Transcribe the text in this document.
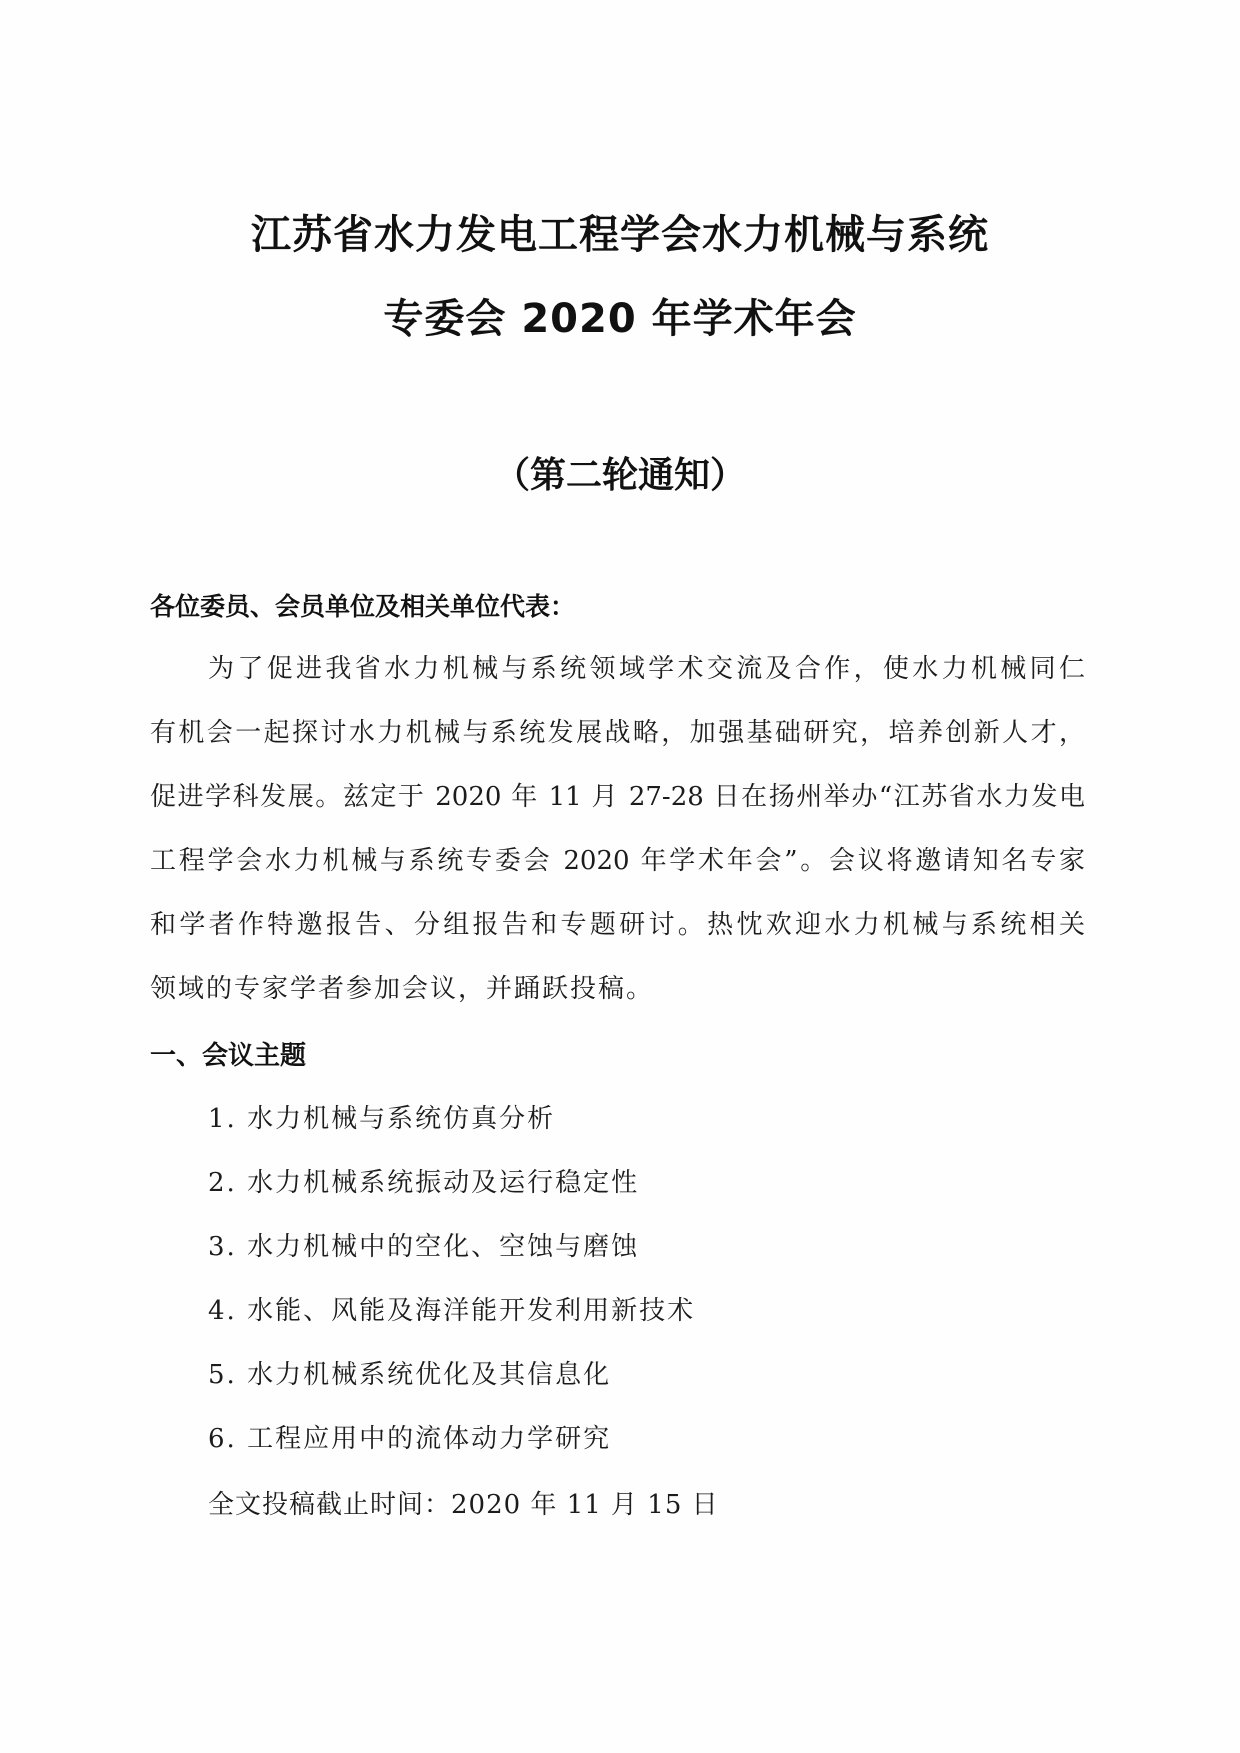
江苏省水力发电工程学会水力机械与系统
专委会 2020 年学术年会
（第二轮通知）
各位委员、会员单位及相关单位代表：
为了促进我省水力机械与系统领域学术交流及合作，使水力机械同仁
有机会一起探讨水力机械与系统发展战略，加强基础研究，培养创新人才，
促进学科发展。兹定于 2020 年 11 月 27-28 日在扬州举办“江苏省水力发电
工程学会水力机械与系统专委会 2020 年学术年会”。会议将邀请知名专家
和学者作特邀报告、分组报告和专题研讨。热忱欢迎水力机械与系统相关
领域的专家学者参加会议，并踊跃投稿。
一、会议主题
1. 水力机械与系统仿真分析
2. 水力机械系统振动及运行稳定性
3. 水力机械中的空化、空蚀与磨蚀
4. 水能、风能及海洋能开发利用新技术
5. 水力机械系统优化及其信息化
6. 工程应用中的流体动力学研究
全文投稿截止时间：2020 年 11 月 15 日
